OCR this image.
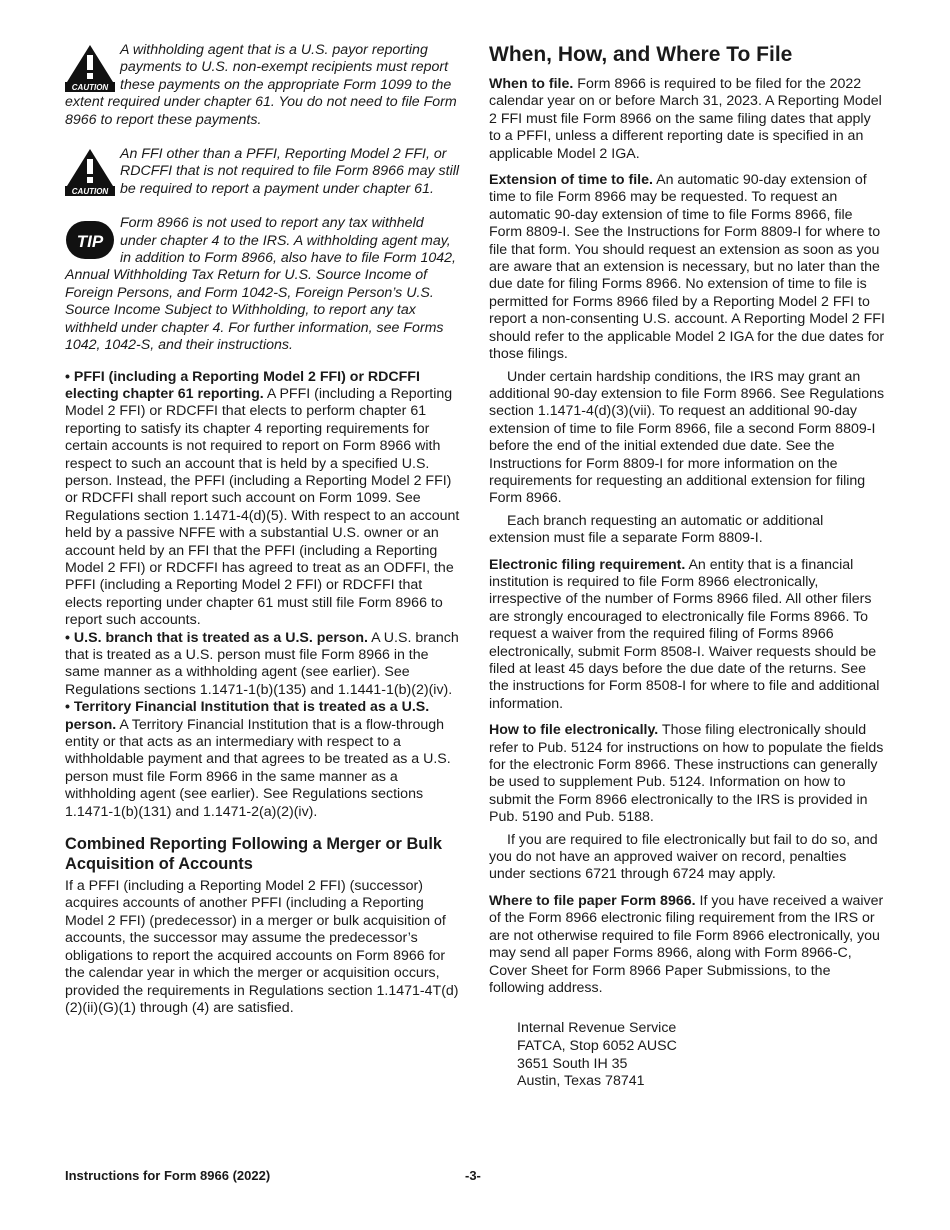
CAUTION
A withholding agent that is a U.S. payor reporting payments to U.S. non-exempt recipients must report these payments on the appropriate Form 1099 to the extent required under chapter 61. You do not need to file Form 8966 to report these payments.
CAUTION
An FFI other than a PFFI, Reporting Model 2 FFI, or RDCFFI that is not required to file Form 8966 may still be required to report a payment under chapter 61.
TIP
Form 8966 is not used to report any tax withheld under chapter 4 to the IRS. A withholding agent may, in addition to Form 8966, also have to file Form 1042, Annual Withholding Tax Return for U.S. Source Income of Foreign Persons, and Form 1042-S, Foreign Person’s U.S. Source Income Subject to Withholding, to report any tax withheld under chapter 4. For further information, see Forms 1042, 1042-S, and their instructions.
• PFFI (including a Reporting Model 2 FFI) or RDCFFI electing chapter 61 reporting. A PFFI (including a Reporting Model 2 FFI) or RDCFFI that elects to perform chapter 61 reporting to satisfy its chapter 4 reporting requirements for certain accounts is not required to report on Form 8966 with respect to such an account that is held by a specified U.S. person. Instead, the PFFI (including a Reporting Model 2 FFI) or RDCFFI shall report such account on Form 1099. See Regulations section 1.1471-4(d)(5). With respect to an account held by a passive NFFE with a substantial U.S. owner or an account held by an FFI that the PFFI (including a Reporting Model 2 FFI) or RDCFFI has agreed to treat as an ODFFI, the PFFI (including a Reporting Model 2 FFI) or RDCFFI that elects reporting under chapter 61 must still file Form 8966 to report such accounts.
• U.S. branch that is treated as a U.S. person. A U.S. branch that is treated as a U.S. person must file Form 8966 in the same manner as a withholding agent (see earlier). See Regulations sections 1.1471-1(b)(135) and 1.1441-1(b)(2)(iv).
• Territory Financial Institution that is treated as a U.S. person. A Territory Financial Institution that is a flow-through entity or that acts as an intermediary with respect to a withholdable payment and that agrees to be treated as a U.S. person must file Form 8966 in the same manner as a withholding agent (see earlier). See Regulations sections 1.1471-1(b)(131) and 1.1471-2(a)(2)(iv).
Combined Reporting Following a Merger or Bulk Acquisition of Accounts
If a PFFI (including a Reporting Model 2 FFI) (successor) acquires accounts of another PFFI (including a Reporting Model 2 FFI) (predecessor) in a merger or bulk acquisition of accounts, the successor may assume the predecessor’s obligations to report the acquired accounts on Form 8966 for the calendar year in which the merger or acquisition occurs, provided the requirements in Regulations section 1.1471-4T(d)(2)(ii)(G)(1) through (4) are satisfied.
When, How, and Where To File
When to file. Form 8966 is required to be filed for the 2022 calendar year on or before March 31, 2023. A Reporting Model 2 FFI must file Form 8966 on the same filing dates that apply to a PFFI, unless a different reporting date is specified in an applicable Model 2 IGA.
Extension of time to file. An automatic 90-day extension of time to file Form 8966 may be requested. To request an automatic 90-day extension of time to file Forms 8966, file Form 8809-I. See the Instructions for Form 8809-I for where to file that form. You should request an extension as soon as you are aware that an extension is necessary, but no later than the due date for filing Forms 8966. No extension of time to file is permitted for Forms 8966 filed by a Reporting Model 2 FFI to report a non-consenting U.S. account. A Reporting Model 2 FFI should refer to the applicable Model 2 IGA for the due dates for those filings.
Under certain hardship conditions, the IRS may grant an additional 90-day extension to file Form 8966. See Regulations section 1.1471-4(d)(3)(vii). To request an additional 90-day extension of time to file Form 8966, file a second Form 8809-I before the end of the initial extended due date. See the Instructions for Form 8809-I for more information on the requirements for requesting an additional extension for filing Form 8966.
Each branch requesting an automatic or additional extension must file a separate Form 8809-I.
Electronic filing requirement. An entity that is a financial institution is required to file Form 8966 electronically, irrespective of the number of Forms 8966 filed. All other filers are strongly encouraged to electronically file Forms 8966. To request a waiver from the required filing of Forms 8966 electronically, submit Form 8508-I. Waiver requests should be filed at least 45 days before the due date of the returns. See the instructions for Form 8508-I for where to file and additional information.
How to file electronically. Those filing electronically should refer to Pub. 5124 for instructions on how to populate the fields for the electronic Form 8966. These instructions can generally be used to supplement Pub. 5124. Information on how to submit the Form 8966 electronically to the IRS is provided in Pub. 5190 and Pub. 5188.
If you are required to file electronically but fail to do so, and you do not have an approved waiver on record, penalties under sections 6721 through 6724 may apply.
Where to file paper Form 8966. If you have received a waiver of the Form 8966 electronic filing requirement from the IRS or are not otherwise required to file Form 8966 electronically, you may send all paper Forms 8966, along with Form 8966-C, Cover Sheet for Form 8966 Paper Submissions, to the following address.
Internal Revenue Service
FATCA, Stop 6052 AUSC
3651 South IH 35
Austin, Texas 78741
Instructions for Form 8966 (2022)	-3-
